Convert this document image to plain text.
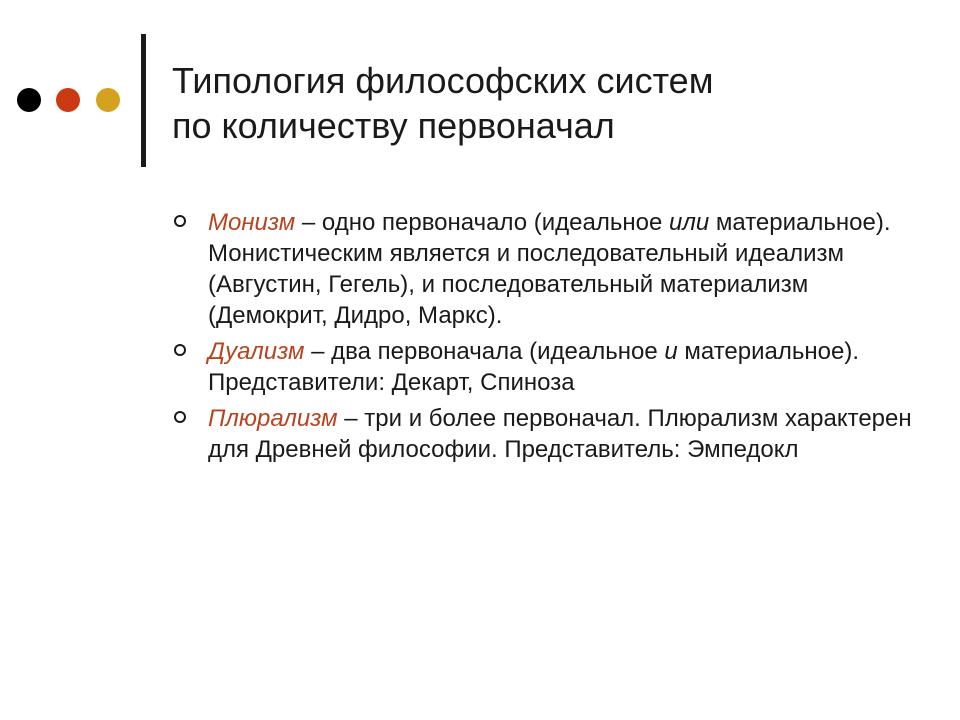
Типология философских систем
по количеству первоначал
Монизм – одно первоначало (идеальное или материальное). Монистическим является и последовательный идеализм (Августин, Гегель), и последовательный материализм (Демокрит, Дидро, Маркс).
Дуализм – два первоначала (идеальное и материальное). Представители: Декарт, Спиноза
Плюрализм – три и более первоначал. Плюрализм характерен для Древней философии. Представитель: Эмпедокл
